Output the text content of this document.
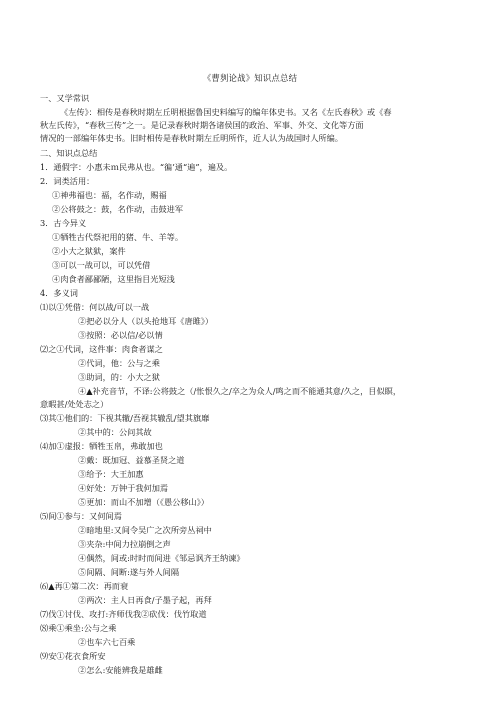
《曹刿论战》知识点总结
一、又学常识
《左传》：相传是春秋时期左丘明根据鲁国史料编写的编年体史书。又名《左氏春秋》或《春
秋左氏传》，“春秋三传”之一。是记录春秋时期各诸侯国的政治、军事、外交、文化等方面
情况的一部编年体史书。旧时相传是春秋时期左丘明所作，近人认为战国时人所编。
二、知识点总结
1．通假字：小惠未ｍ民弗从也。“徧’通“遍”，遍及。
2．词类活用：
①神弗福也：福，名作动，赐福
②公将鼓之：鼓，名作动，击鼓进军
3．古今异义
①牺牲古代祭祀用的猪、牛、羊等。
②小大之狱狱，案件
③可以一战可以，可以凭借
④肉食者鄙鄙陋，这里指目光短浅
4．多义词
⑴以①凭借：何以战/可以一战
②把必以分人（以头抢地耳《唐雎》）
③按照：必以信/必以情
⑵之①代词，这件事：肉食者谋之
②代词，他：公与之乘
③助词，的：小大之狱
④▲补充音节，不译:公将鼓之（/怅恨久之/卒之为众人/鸣之而不能通其意/久之，目似瞑，
意暇甚/处处志之）
⑶其①他们的：下视其辙/吾视其辙乱/望其旗靡
②其中的：公问其故
⑷加①虚报：牺牲玉帛，弗敢加也
②戴：既加冠、益慕圣贤之道
③给予：大王加惠
④好处：万钟于我何加焉
⑤更加：而山不加增（《愚公移山》）
⑸间①参与：又何间焉
②暗地里:又间令吴广之次所旁丛祠中
③夹杂:中间力拉崩倒之声
④偶然，间或:时时而间进《邹忌讽齐王纳谏》
⑤间隔、间断:遂与外人间隔
⑹▲再①第二次：再而衰
②两次：主人日再食/子墨子起，再拜
⑺伐①讨伐、攻打:齐师伐我②砍伐：伐竹取道
⑻乘①乘坐:公与之乘
②也车六七百乘
⑼安①花衣食所安
②怎么:安能辨我是雄雌
